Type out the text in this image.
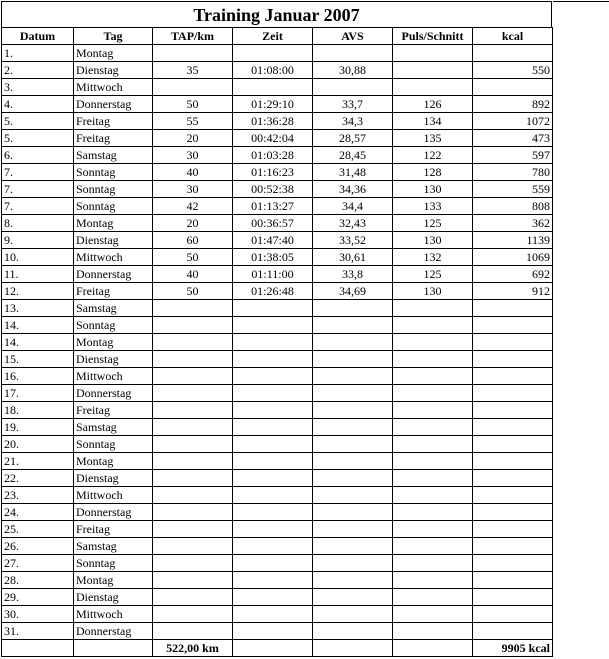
Training Januar 2007
Datum	Tag	TAP/km	Zeit	AVS	Puls/Schnitt	kcal
1.	Montag					
2.	Dienstag	35	01:08:00	30,88		550
3.	Mittwoch					
4.	Donnerstag	50	01:29:10	33,7	126	892
5.	Freitag	55	01:36:28	34,3	134	1072
5.	Freitag	20	00:42:04	28,57	135	473
6.	Samstag	30	01:03:28	28,45	122	597
7.	Sonntag	40	01:16:23	31,48	128	780
7.	Sonntag	30	00:52:38	34,36	130	559
7.	Sonntag	42	01:13:27	34,4	133	808
8.	Montag	20	00:36:57	32,43	125	362
9.	Dienstag	60	01:47:40	33,52	130	1139
10.	Mittwoch	50	01:38:05	30,61	132	1069
11.	Donnerstag	40	01:11:00	33,8	125	692
12.	Freitag	50	01:26:48	34,69	130	912
13.	Samstag					
14.	Sonntag					
14.	Montag					
15.	Dienstag					
16.	Mittwoch					
17.	Donnerstag					
18.	Freitag					
19.	Samstag					
20.	Sonntag					
21.	Montag					
22.	Dienstag					
23.	Mittwoch					
24.	Donnerstag					
25.	Freitag					
26.	Samstag					
27.	Sonntag					
28.	Montag					
29.	Dienstag					
30.	Mittwoch					
31.	Donnerstag					
		522,00 km				9905 kcal
